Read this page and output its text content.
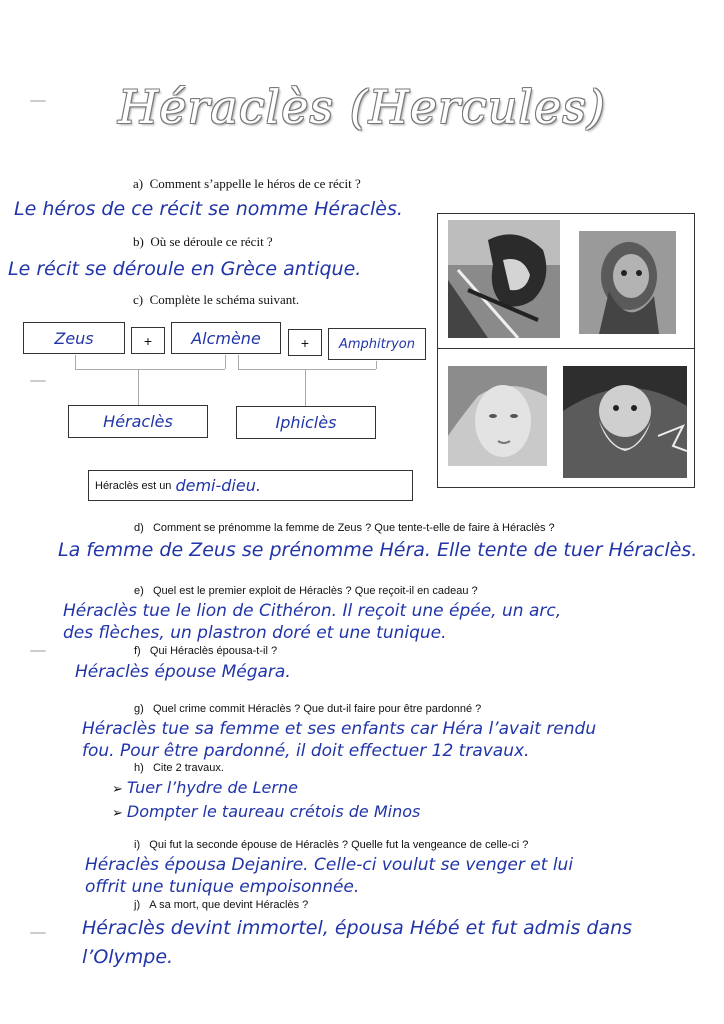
Héraclès (Hercules)
a) Comment s’appelle le héros de ce récit ?
Le héros de ce récit se nomme Héraclès.
b) Où se déroule ce récit ?
Le récit se déroule en Grèce antique.
c) Complète le schéma suivant.
Zeus	+ Alcmène	+ Amphitryon
Héraclès	Iphiclès
Héraclès est un
demi-dieu.
d) Comment se prénomme la femme de Zeus ? Que tente-t-elle de faire à Héraclès ?
La femme de Zeus se prénomme Héra. Elle tente de tuer Héraclès.
e) Quel est le premier exploit de Héraclès ? Que reçoit-il en cadeau ?
Héraclès tue le lion de Cithéron. Il reçoit une épée, un arc,
des flèches, un plastron doré et une tunique.
f) Qui Héraclès épousa-t-il ?
Héraclès épouse Mégara.
g) Quel crime commit Héraclès ? Que dut-il faire pour être pardonné ?
Héraclès tue sa femme et ses enfants car Héra l’avait rendu
fou. Pour être pardonné, il doit effectuer 12 travaux.
h) Cite 2 travaux.
➢ Tuer l’hydre de Lerne
➢ Dompter le taureau crétois de Minos
i) Qui fut la seconde épouse de Héraclès ? Quelle fut la vengeance de celle-ci ?
Héraclès épousa Dejanire. Celle-ci voulut se venger et lui
offrit une tunique empoisonnée.
j) A sa mort, que devint Héraclès ?
Héraclès devint immortel, épousa Hébé et fut admis dans
l’Olympe.
